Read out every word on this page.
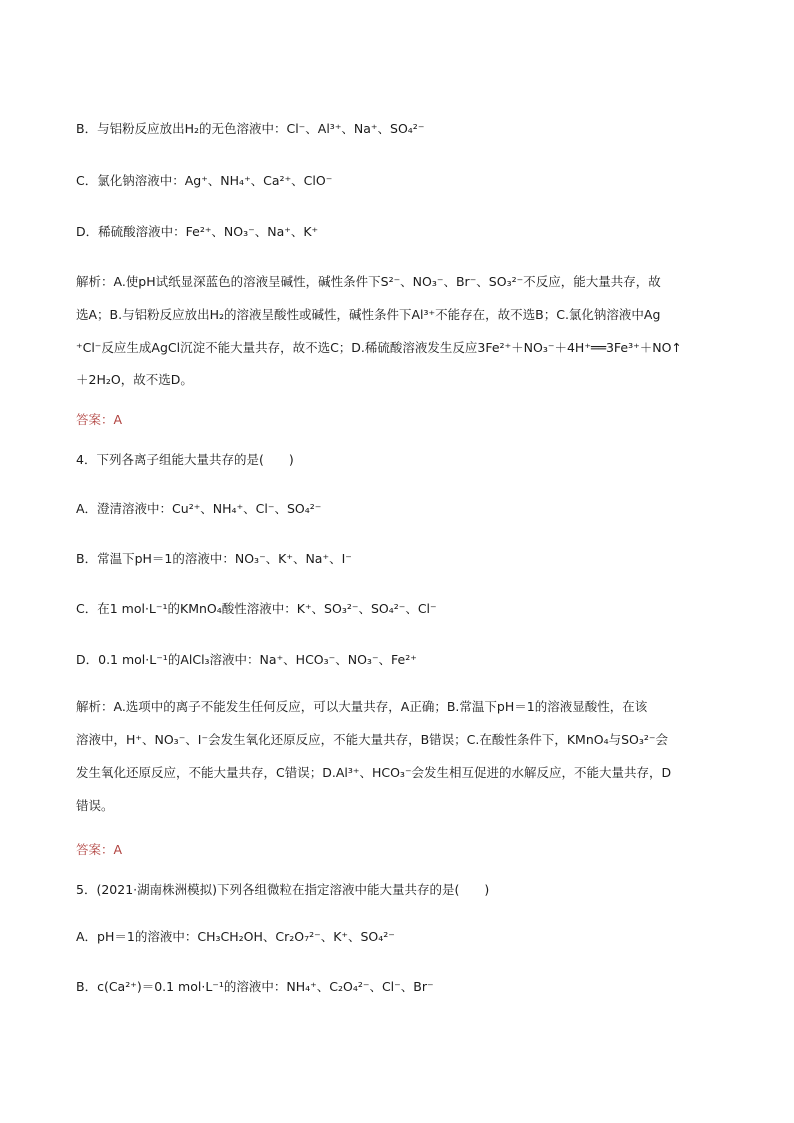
B．与铝粉反应放出H₂的无色溶液中：Cl⁻、Al³⁺、Na⁺、SO₄²⁻
C．氯化钠溶液中：Ag⁺、NH₄⁺、Ca²⁺、ClO⁻
D．稀硫酸溶液中：Fe²⁺、NO₃⁻、Na⁺、K⁺
解析：A.使pH试纸显深蓝色的溶液呈碱性，碱性条件下S²⁻、NO₃⁻、Br⁻、SO₃²⁻不反应，能大量共存，故
选A；B.与铝粉反应放出H₂的溶液呈酸性或碱性，碱性条件下Al³⁺不能存在，故不选B；C.氯化钠溶液中Ag
⁺Cl⁻反应生成AgCl沉淀不能大量共存，故不选C；D.稀硫酸溶液发生反应3Fe²⁺＋NO₃⁻＋4H⁺══3Fe³⁺＋NO↑
＋2H₂O，故不选D。
答案：A
4．下列各离子组能大量共存的是(　　)
A．澄清溶液中：Cu²⁺、NH₄⁺、Cl⁻、SO₄²⁻
B．常温下pH＝1的溶液中：NO₃⁻、K⁺、Na⁺、I⁻
C．在1 mol·L⁻¹的KMnO₄酸性溶液中：K⁺、SO₃²⁻、SO₄²⁻、Cl⁻
D．0.1 mol·L⁻¹的AlCl₃溶液中：Na⁺、HCO₃⁻、NO₃⁻、Fe²⁺
解析：A.选项中的离子不能发生任何反应，可以大量共存，A正确；B.常温下pH＝1的溶液显酸性，在该
溶液中，H⁺、NO₃⁻、I⁻会发生氧化还原反应，不能大量共存，B错误；C.在酸性条件下，KMnO₄与SO₃²⁻会
发生氧化还原反应，不能大量共存，C错误；D.Al³⁺、HCO₃⁻会发生相互促进的水解反应，不能大量共存，D
错误。
答案：A
5．(2021·湖南株洲模拟)下列各组微粒在指定溶液中能大量共存的是(　　)
A．pH＝1的溶液中：CH₃CH₂OH、Cr₂O₇²⁻、K⁺、SO₄²⁻
B．c(Ca²⁺)＝0.1 mol·L⁻¹的溶液中：NH₄⁺、C₂O₄²⁻、Cl⁻、Br⁻
